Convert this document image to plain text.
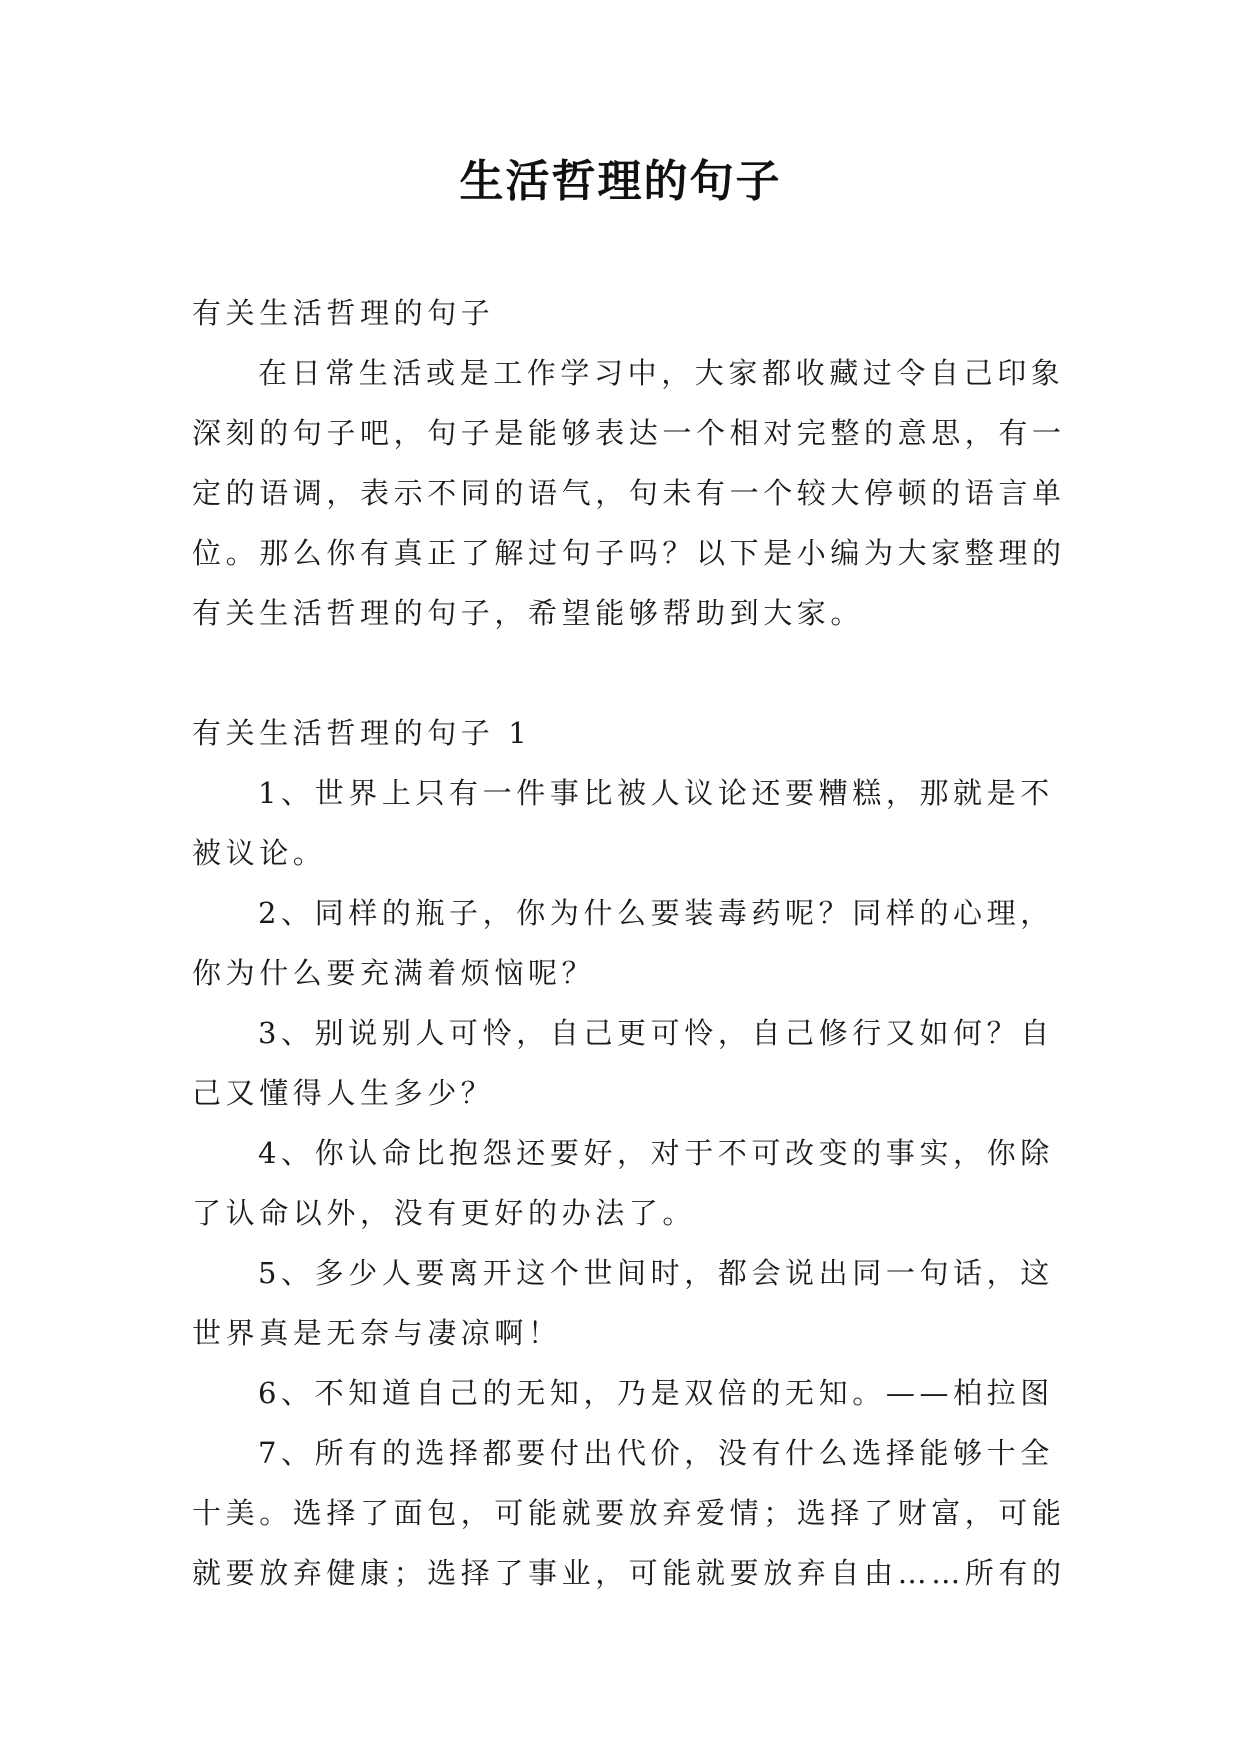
生活哲理的句子
有关生活哲理的句子
在日常生活或是工作学习中，大家都收藏过令自己印象
深刻的句子吧，句子是能够表达一个相对完整的意思，有一
定的语调，表示不同的语气，句未有一个较大停顿的语言单
位。那么你有真正了解过句子吗？以下是小编为大家整理的
有关生活哲理的句子，希望能够帮助到大家。
有关生活哲理的句子 1
1、世界上只有一件事比被人议论还要糟糕，那就是不
被议论。
2、同样的瓶子，你为什么要装毒药呢？同样的心理，
你为什么要充满着烦恼呢？
3、别说别人可怜，自己更可怜，自己修行又如何？自
己又懂得人生多少？
4、你认命比抱怨还要好，对于不可改变的事实，你除
了认命以外，没有更好的办法了。
5、多少人要离开这个世间时，都会说出同一句话，这
世界真是无奈与凄凉啊！
6、不知道自己的无知，乃是双倍的无知。——柏拉图
7、所有的选择都要付出代价，没有什么选择能够十全
十美。选择了面包，可能就要放弃爱情；选择了财富，可能
就要放弃健康；选择了事业，可能就要放弃自由……所有的
